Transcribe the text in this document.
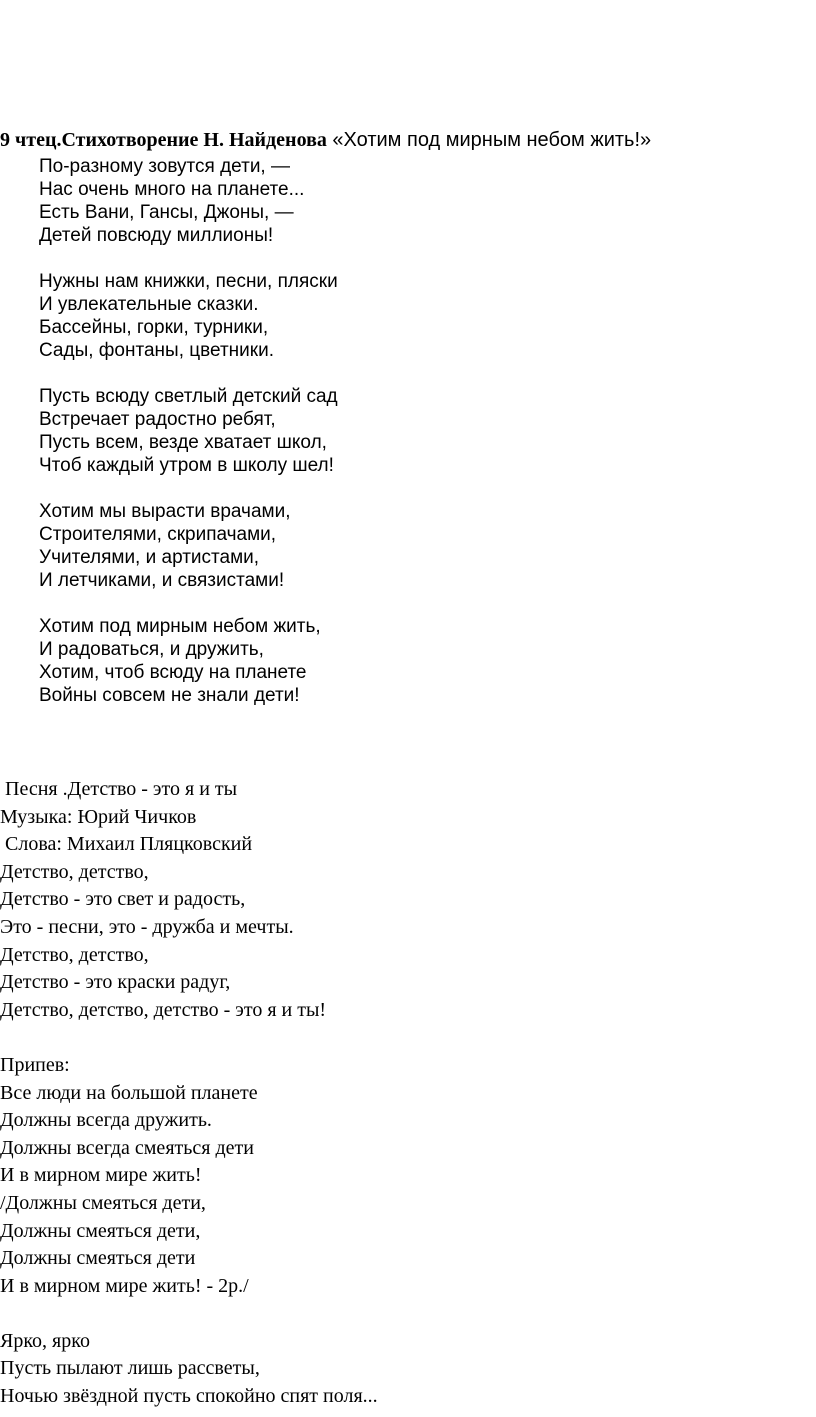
9 чтец.Стихотворение Н. Найденова «Хотим под мирным небом жить!»
По-разному зовутся дети, —
Нас очень много на планете...
Есть Вани, Гансы, Джоны, —
Детей повсюду миллионы!
Нужны нам книжки, песни, пляски
И увлекательные сказки.
Бассейны, горки, турники,
Сады, фонтаны, цветники.
Пусть всюду светлый детский сад
Встречает радостно ребят,
Пусть всем, везде хватает школ,
Чтоб каждый утром в школу шел!
Хотим мы вырасти врачами,
Строителями, скрипачами,
Учителями, и артистами,
И летчиками, и связистами!
Хотим под мирным небом жить,
И радоваться, и дружить,
Хотим, чтоб всюду на планете
Войны совсем не знали дети!
Песня .Детство - это я и ты
Музыка: Юрий Чичков
Слова: Михаил Пляцковский
Детство, детство,
Детство - это свет и радость,
Это - песни, это - дружба и мечты.
Детство, детство,
Детство - это краски радуг,
Детство, детство, детство - это я и ты!
Припев:
Все люди на большой планете
Должны всегда дружить.
Должны всегда смеяться дети
И в мирном мире жить!
/Должны смеяться дети,
Должны смеяться дети,
Должны смеяться дети
И в мирном мире жить! - 2р./
Ярко, ярко
Пусть пылают лишь рассветы,
Ночью звёздной пусть спокойно спят поля...
